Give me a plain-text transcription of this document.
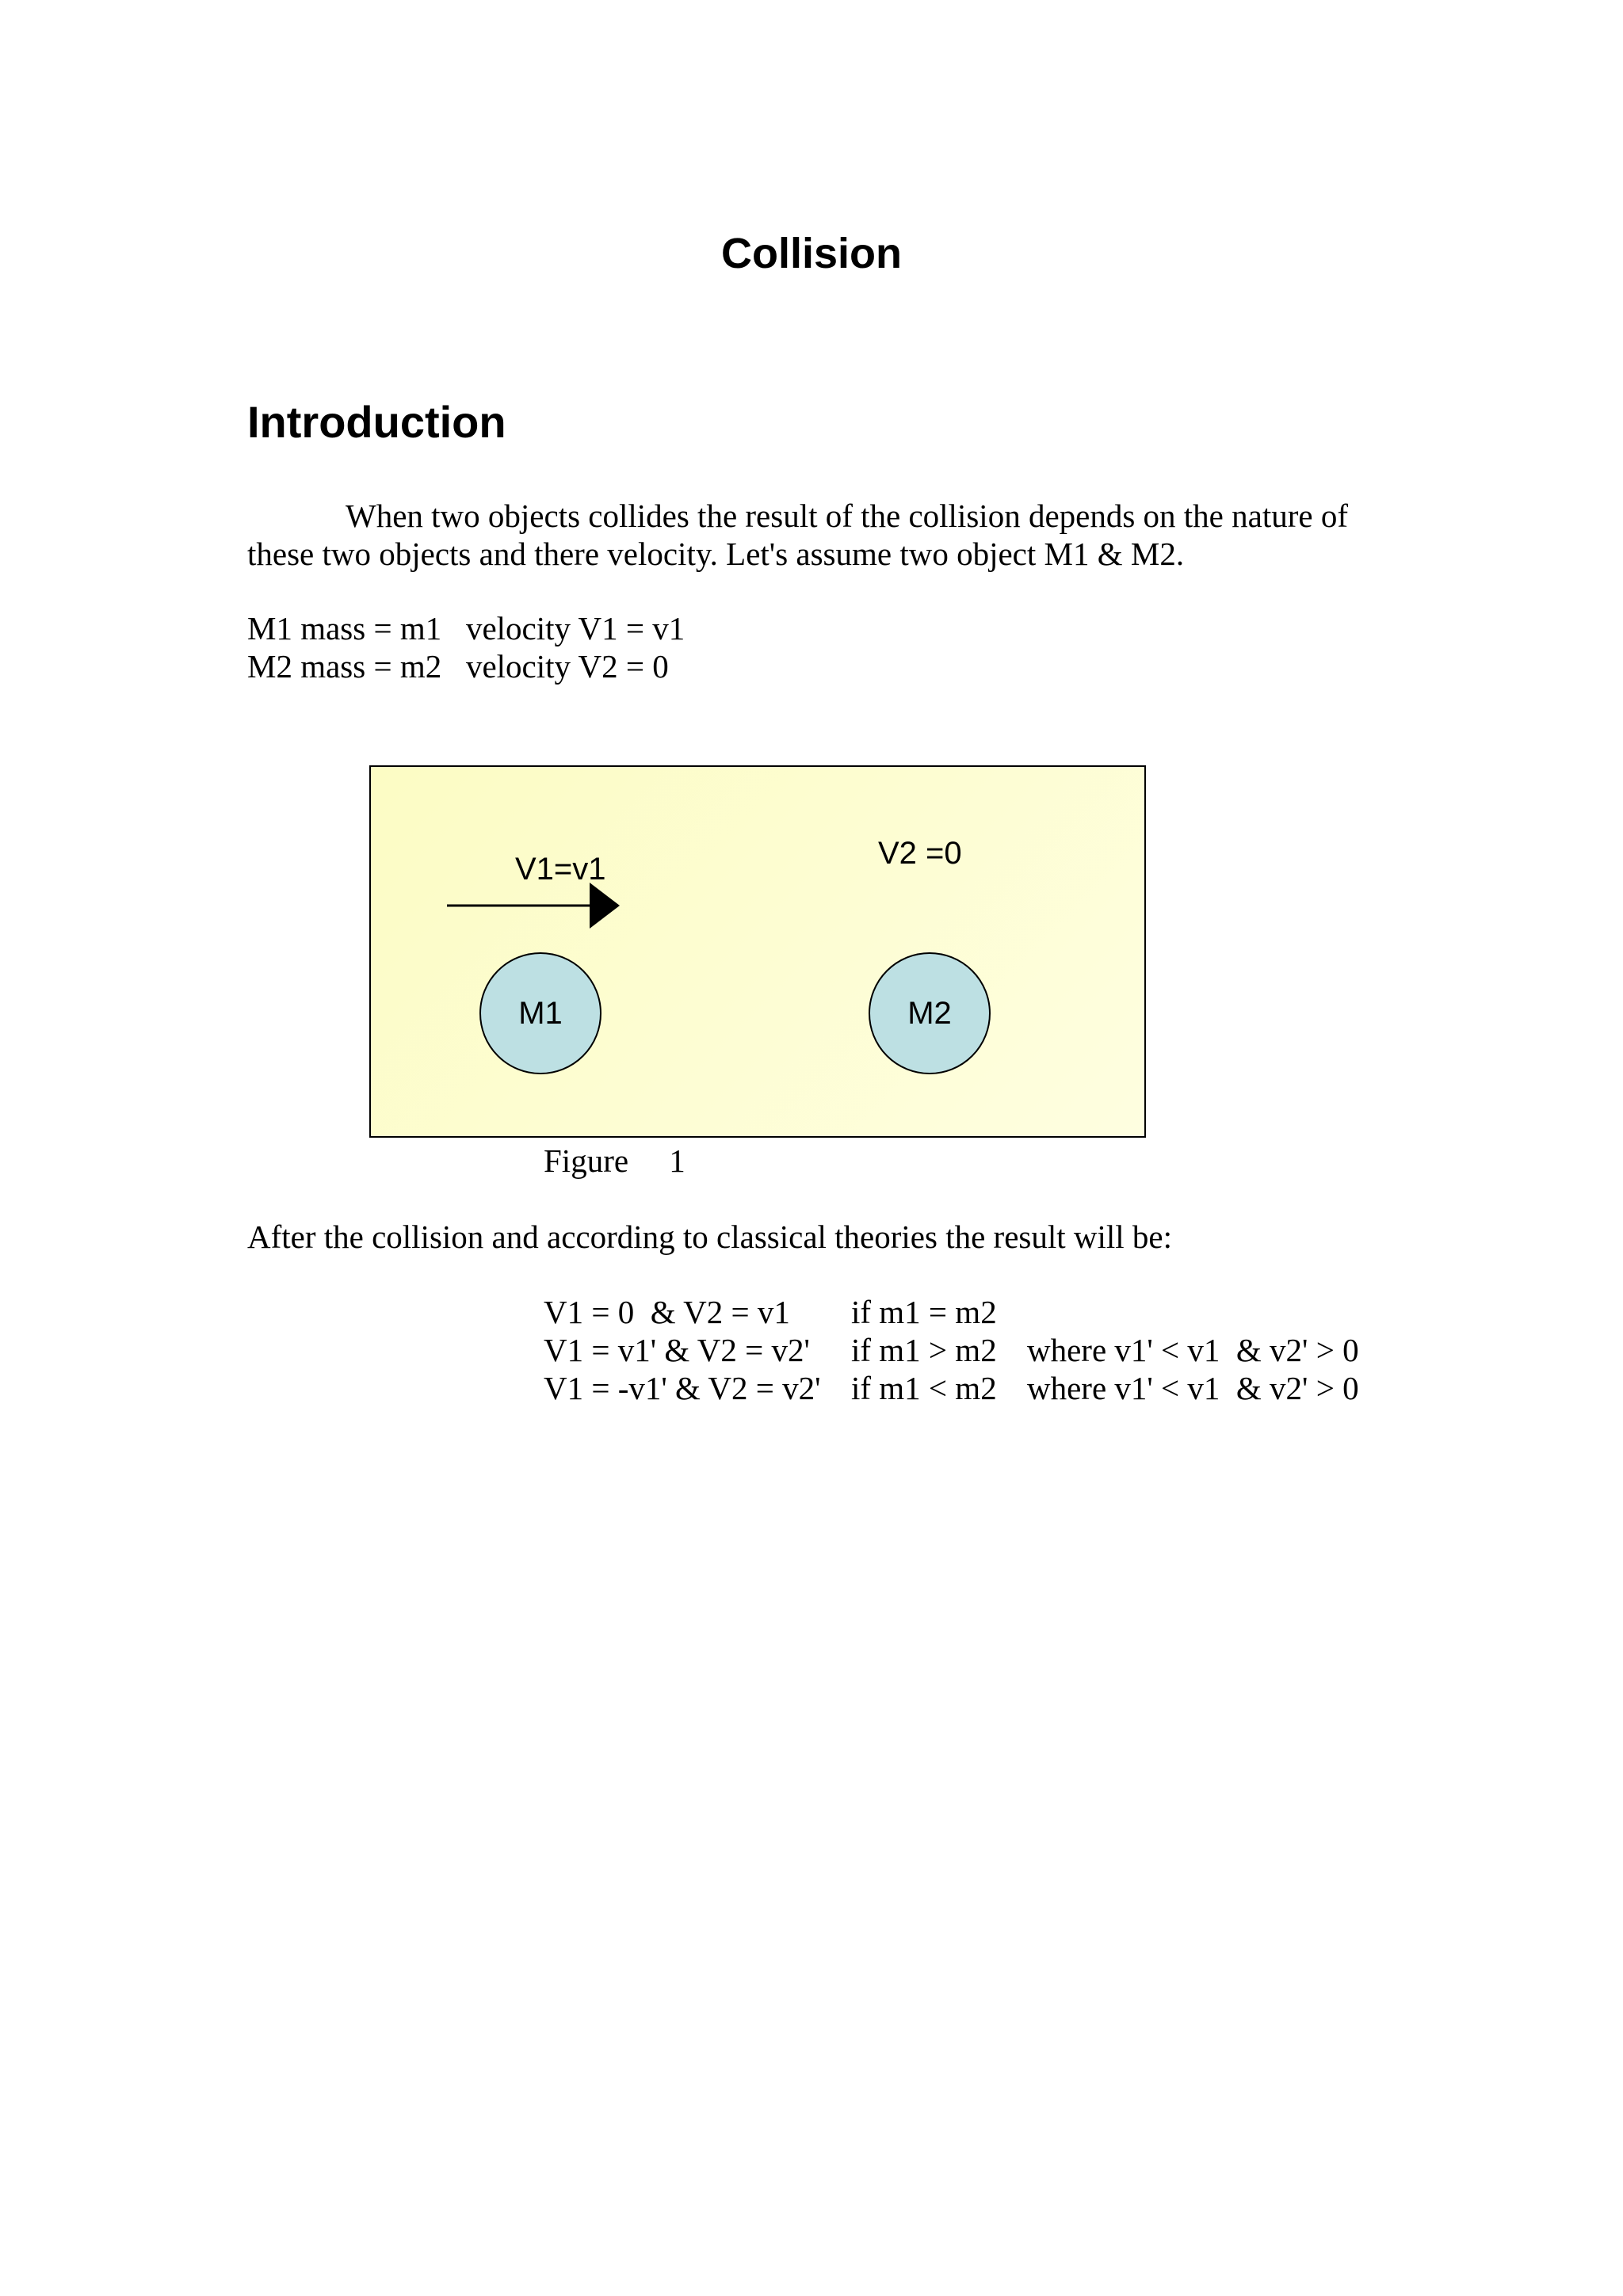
Collision
Introduction

When two objects collides the result of the collision depends on the nature of
these two objects and there velocity. Let's assume two object M1 & M2.

M1 mass = m1   velocity V1 = v1
M2 mass = m2   velocity V2 = 0

V1=v1	V2 =0
M1	M2

Figure     1

After the collision and according to classical theories the result will be:

V1 = 0  & V2 = v1	if m1 = m2
V1 = v1' & V2 = v2'	if m1 > m2 where v1' < v1  & v2' > 0
V1 = -v1' & V2 = v2' if m1 < m2 where v1' < v1  & v2' > 0
